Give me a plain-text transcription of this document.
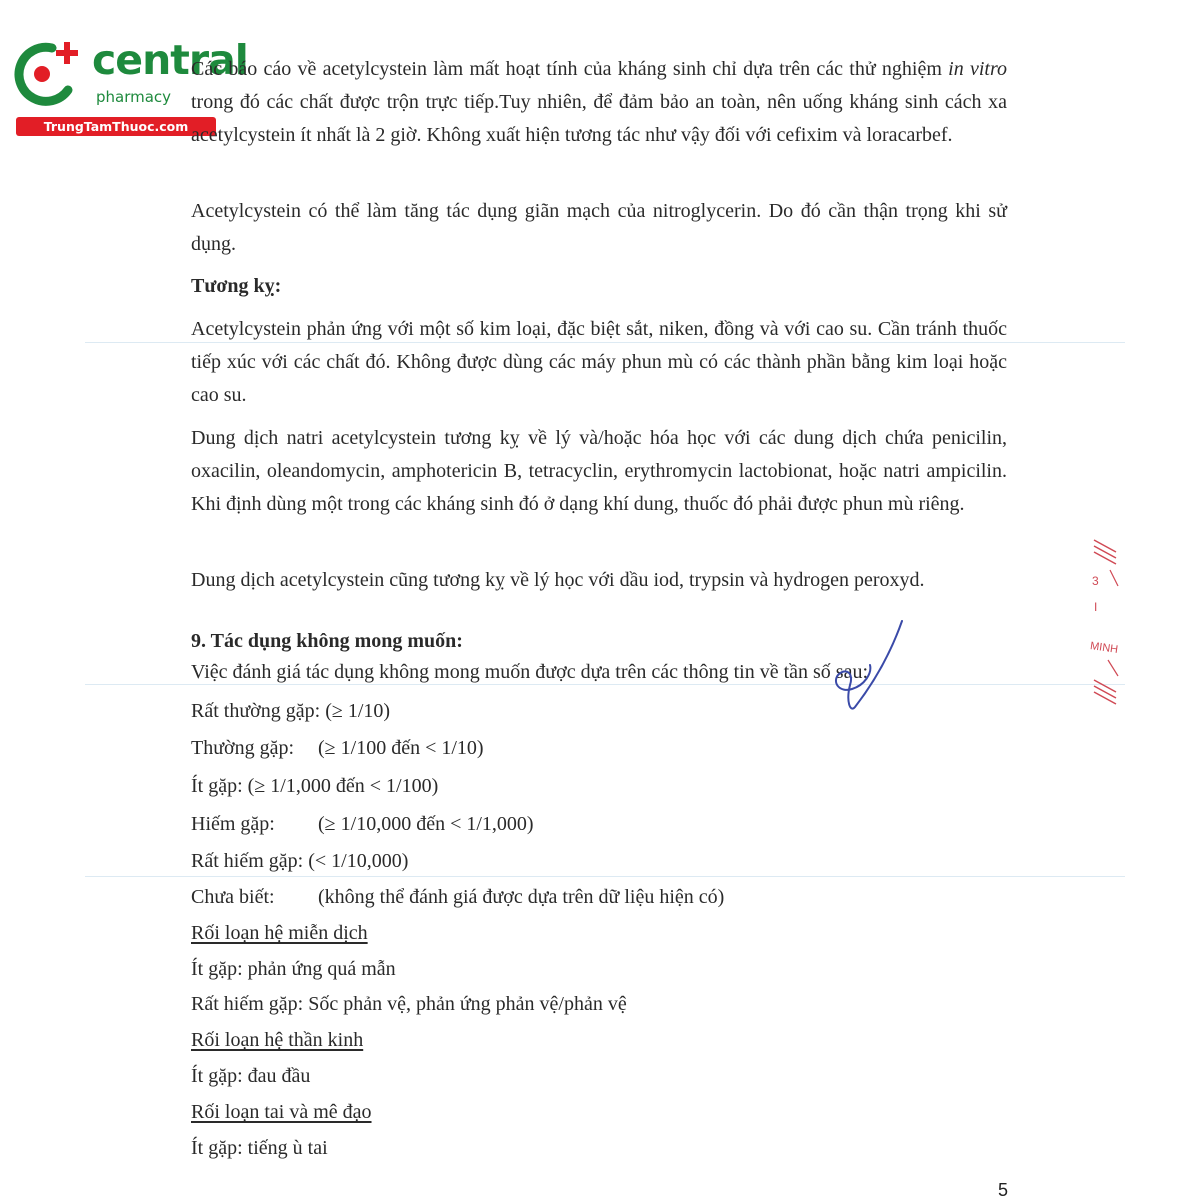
central
pharmacy
TrungTamThuoc.com
Các báo cáo về acetylcystein làm mất hoạt tính của kháng sinh chỉ dựa trên các thử nghiệm in vitro trong đó các chất được trộn trực tiếp.Tuy nhiên, để đảm bảo an toàn, nên uống kháng sinh cách xa acetylcystein ít nhất là 2 giờ. Không xuất hiện tương tác như vậy đối với cefixim và loracarbef.
Acetylcystein có thể làm tăng tác dụng giãn mạch của nitroglycerin. Do đó cần thận trọng khi sử dụng.
Tương kỵ:
Acetylcystein phản ứng với một số kim loại, đặc biệt sắt, niken, đồng và với cao su. Cần tránh thuốc tiếp xúc với các chất đó. Không được dùng các máy phun mù có các thành phần bằng kim loại hoặc cao su.
Dung dịch natri acetylcystein tương kỵ về lý và/hoặc hóa học với các dung dịch chứa penicilin, oxacilin, oleandomycin, amphotericin B, tetracyclin, erythromycin lactobionat, hoặc natri ampicilin. Khi định dùng một trong các kháng sinh đó ở dạng khí dung, thuốc đó phải được phun mù riêng.
Dung dịch acetylcystein cũng tương kỵ về lý học với dầu iod, trypsin và hydrogen peroxyd.
9. Tác dụng không mong muốn:
Việc đánh giá tác dụng không mong muốn được dựa trên các thông tin về tần số sau:
Rất thường gặp: (≥ 1/10)
Thường gặp: (≥ 1/100 đến < 1/10)
Ít gặp: (≥ 1/1,000 đến < 1/100)
Hiếm gặp: (≥ 1/10,000 đến < 1/1,000)
Rất hiếm gặp: (< 1/10,000)
Chưa biết: (không thể đánh giá được dựa trên dữ liệu hiện có)
Rối loạn hệ miễn dịch
Ít gặp: phản ứng quá mẫn
Rất hiếm gặp: Sốc phản vệ, phản ứng phản vệ/phản vệ
Rối loạn hệ thần kinh
Ít gặp: đau đầu
Rối loạn tai và mê đạo
Ít gặp: tiếng ù tai
3
I
MINH
5
